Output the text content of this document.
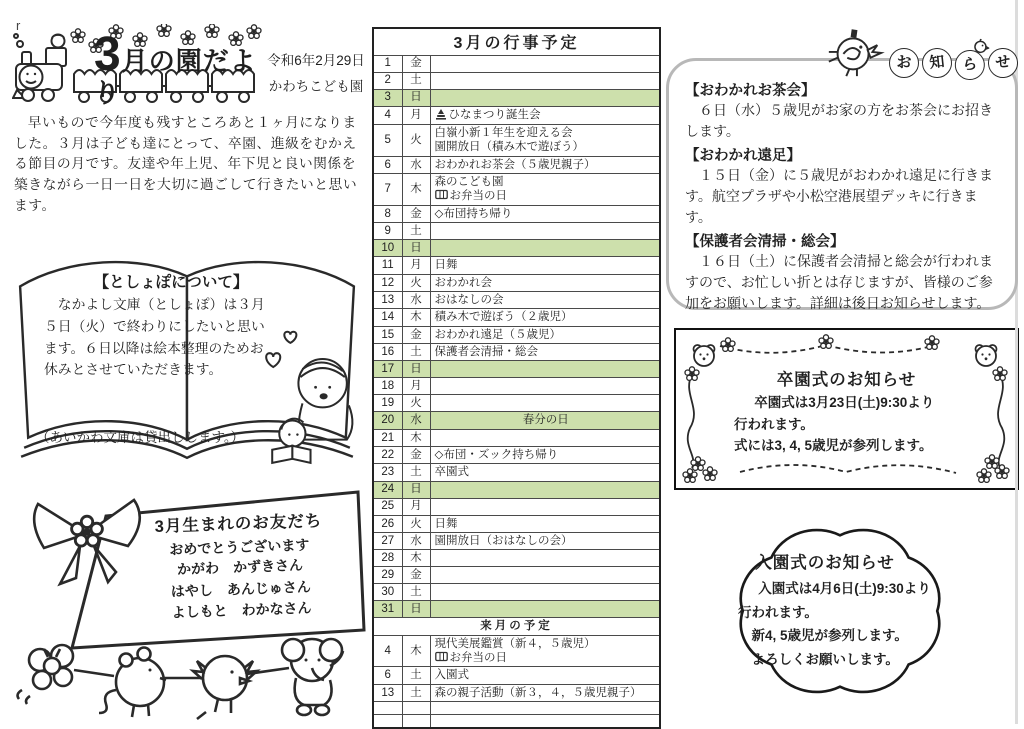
r
3月の園だより
令和6年2月29日
かわちこども園
早いもので今年度も残すところあと１ヶ月になりました。３月は子ども達にとって、卒園、進級をむかえる節目の月です。友達や年上児、年下児と良い関係を築きながら一日一日を大切に過ごして行きたいと思います。
【としょぽについて】
なかよし文庫（としょぽ）は３月５日（火）で終わりにしたいと思います。６日以降は絵本整理のためお休みとさせていただきます。
（あいかわ文庫は貸出しします。）
3月生まれのお友だち
おめでとうございます
かがわ　かずきさん
はやし　あんじゅさん
よしもと　わかなさん
3月の行事予定		
1	金	
2	土	
3	日	
4	月	ひなまつり誕生会

5	火	白嶺小新１年生を迎える会
園開放日（積み木で遊ぼう）

6	水	おわかれお茶会（５歳児親子）

7	木	森のこども園
お弁当の日

8	金	◇布団持ち帰り

9	土	
10	日	
11	月	日舞

12	火	おわかれ会

13	水	おはなしの会

14	木	積み木で遊ぼう（２歳児）

15	金	おわかれ遠足（５歳児）

16	土	保護者会清掃・総会

17	日	
18	月	
19	火	
20	水	春分の日

21	木	
22	金	◇布団・ズック持ち帰り

23	土	卒園式

24	日	
25	月	
26	火	日舞

27	水	園開放日（おはなしの会）

28	木	
29	金	
30	土	
31	日	
来月の予定		
4	木	現代美展鑑賞（新４，５歳児）
お弁当の日

6	土	入園式

13	土	森の親子活動（新３，４，５歳児親子）

お	知	ら	せ
【おわかれお茶会】
６日（水）５歳児がお家の方をお茶会にお招きします。
【おわかれ遠足】
１５日（金）に５歳児がおわかれ遠足に行きます。航空プラザや小松空港展望デッキに行きます。
【保護者会清掃・総会】
１６日（土）に保護者会清掃と総会が行われますので、お忙しい折とは存じますが、皆様のご参加をお願いします。詳細は後日お知らせします。
卒園式のお知らせ
卒園式は3月23日(土)9:30より
行われます。
式には3, 4, 5歳児が参列します。
入園式のお知らせ
入園式は4月6日(土)9:30より
行われます。
新4, 5歳児が参列します。
よろしくお願いします。
